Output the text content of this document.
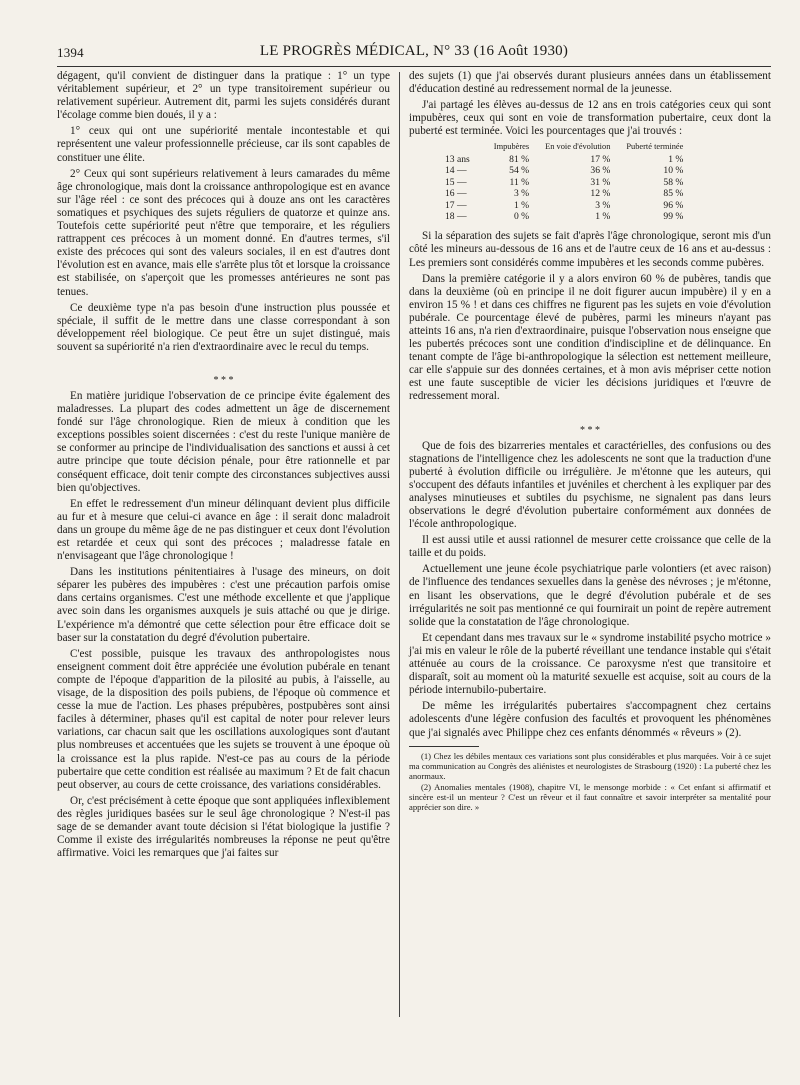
1394	LE PROGRÈS MÉDICAL, N° 33 (16 Août 1930)

dégagent, qu'il convient de distinguer dans la pratique : 1° un type véritablement supérieur, et 2° un type transitoirement supérieur ou relativement supérieur. Autrement dit, parmi les sujets considérés durant l'écolage comme bien doués, il y a :

1° ceux qui ont une supériorité mentale incontestable et qui représentent une valeur professionnelle précieuse, car ils sont capables de constituer une élite.

2° Ceux qui sont supérieurs relativement à leurs camarades du même âge chronologique, mais dont la croissance anthropologique est en avance sur l'âge réel : ce sont des précoces qui à douze ans ont les caractères somatiques et psychiques des sujets réguliers de quatorze et quinze ans. Toutefois cette supériorité peut n'être que temporaire, et les réguliers rattrappent ces précoces à un moment donné. En d'autres termes, s'il existe des précoces qui sont des valeurs sociales, il en est d'autres dont l'évolution est en avance, mais elle s'arrête plus tôt et lorsque la croissance est stabilisée, on s'aperçoit que les promesses antérieures ne sont pas tenues.

Ce deuxième type n'a pas besoin d'une instruction plus poussée et spéciale, il suffit de le mettre dans une classe correspondant à son développement réel biologique. Ce peut être un sujet distingué, mais souvent sa supériorité n'a rien d'extraordinaire avec le recul du temps.

* * *

En matière juridique l'observation de ce principe évite également des maladresses. La plupart des codes admettent un âge de discernement fondé sur l'âge chronologique. Rien de mieux à condition que les exceptions possibles soient discernées : c'est du reste l'unique manière de se conformer au principe de l'individualisation des sanctions et aussi à cet autre principe que toute décision pénale, pour être rationnelle et par conséquent efficace, doit tenir compte des circonstances subjectives aussi bien qu'objectives.

En effet le redressement d'un mineur délinquant devient plus difficile au fur et à mesure que celui-ci avance en âge : il serait donc maladroit dans un groupe du même âge de ne pas distinguer et ceux dont l'évolution est retardée et ceux qui sont des précoces ; maladresse fatale en n'envisageant que l'âge chronologique !

Dans les institutions pénitentiaires à l'usage des mineurs, on doit séparer les pubères des impubères : c'est une précaution parfois omise dans certains organismes. C'est une méthode excellente et que j'applique avec soin dans les organismes auxquels je suis attaché ou que je dirige. L'expérience m'a démontré que cette sélection pour être efficace doit se baser sur la constatation du degré d'évolution pubertaire.

C'est possible, puisque les travaux des anthropologistes nous enseignent comment doit être appréciée une évolution pubérale en tenant compte de l'époque d'apparition de la pilosité au pubis, à l'aisselle, au visage, de la disposition des poils pubiens, de l'époque où commence et cesse la mue de l'action. Les phases prépubères, postpubères sont ainsi faciles à déterminer, phases qu'il est capital de noter pour relever leurs variations, car chacun sait que les oscillations auxologiques sont d'autant plus nombreuses et accentuées que les sujets se trouvent à une époque où la croissance est la plus rapide. N'est-ce pas au cours de la période pubertaire que cette condition est réalisée au maximum ? Et de fait chacun peut observer, au cours de cette croissance, des variations considérables.

Or, c'est précisément à cette époque que sont appliquées inflexiblement des règles juridiques basées sur le seul âge chronologique ? N'est-il pas sage de se demander avant toute décision si l'état biologique la justifie ? Comme il existe des irrégularités nombreuses la réponse ne peut qu'être affirmative. Voici les remarques que j'ai faites sur

des sujets (1) que j'ai observés durant plusieurs années dans un établissement d'éducation destiné au redressement normal de la jeunesse.

J'ai partagé les élèves au-dessus de 12 ans en trois catégories ceux qui sont impubères, ceux qui sont en voie de transformation pubertaire, ceux dont la puberté est terminée. Voici les pourcentages que j'ai trouvés :

	Impubères	En voie d'évolution	Puberté terminée
13 ans	81 %	17 %	1 %
14 —	54 %	36 %	10 %
15 —	11 %	31 %	58 %
16 —	3 %	12 %	85 %
17 —	1 %	3 %	96 %
18 —	0 %	1 %	99 %

Si la séparation des sujets se fait d'après l'âge chronologique, seront mis d'un côté les mineurs au-dessous de 16 ans et de l'autre ceux de 16 ans et au-dessus : Les premiers sont considérés comme impubères et les seconds comme pubères.

Dans la première catégorie il y a alors environ 60 % de pubères, tandis que dans la deuxième (où en principe il ne doit figurer aucun impubère) il y en a environ 15 % ! et dans ces chiffres ne figurent pas les sujets en voie d'évolution pubérale. Ce pourcentage élevé de pubères, parmi les mineurs n'ayant pas atteints 16 ans, n'a rien d'extraordinaire, puisque l'observation nous enseigne que les pubertés précoces sont une condition d'indiscipline et de délinquance. En tenant compte de l'âge bi-anthropologique la sélection est nettement meilleure, car elle s'appuie sur des données certaines, et à mon avis mépriser cette notion est une faute susceptible de vicier les décisions juridiques et l'œuvre de redressement moral.

* * *

Que de fois des bizarreries mentales et caractérielles, des confusions ou des stagnations de l'intelligence chez les adolescents ne sont que la traduction d'une puberté à évolution difficile ou irrégulière. Je m'étonne que les auteurs, qui s'occupent des défauts infantiles et juvéniles et cherchent à les expliquer par des analyses minutieuses et subtiles du psychisme, ne signalent pas dans leurs observations le degré d'évolution pubertaire conformément aux données de l'école anthropologique.

Il est aussi utile et aussi rationnel de mesurer cette croissance que celle de la taille et du poids.

Actuellement une jeune école psychiatrique parle volontiers (et avec raison) de l'influence des tendances sexuelles dans la genèse des névroses ; je m'étonne, en lisant les observations, que le degré d'évolution pubérale et de ses irrégularités ne soit pas mentionné ce qui fournirait un point de repère autrement solide que la constatation de l'âge chronologique.

Et cependant dans mes travaux sur le « syndrome instabilité psycho motrice » j'ai mis en valeur le rôle de la puberté réveillant une tendance instable qui s'était atténuée au cours de la croissance. Ce paroxysme n'est que transitoire et disparaît, soit au moment où la maturité sexuelle est acquise, soit au cours de la période internubilo-pubertaire.

De même les irrégularités pubertaires s'accompagnent chez certains adolescents d'une légère confusion des facultés et provoquent les phénomènes que j'ai signalés avec Philippe chez ces enfants dénommés « rêveurs » (2).

(1) Chez les débiles mentaux ces variations sont plus considérables et plus marquées. Voir à ce sujet ma communication au Congrès des aliénistes et neurologistes de Strasbourg (1920) : La puberté chez les anormaux.

(2) Anomalies mentales (1908), chapitre VI, le mensonge morbide : « Cet enfant si affirmatif et sincère est-il un menteur ? C'est un rêveur et il faut connaître et savoir interpréter sa mentalité pour apprécier son dire. »
